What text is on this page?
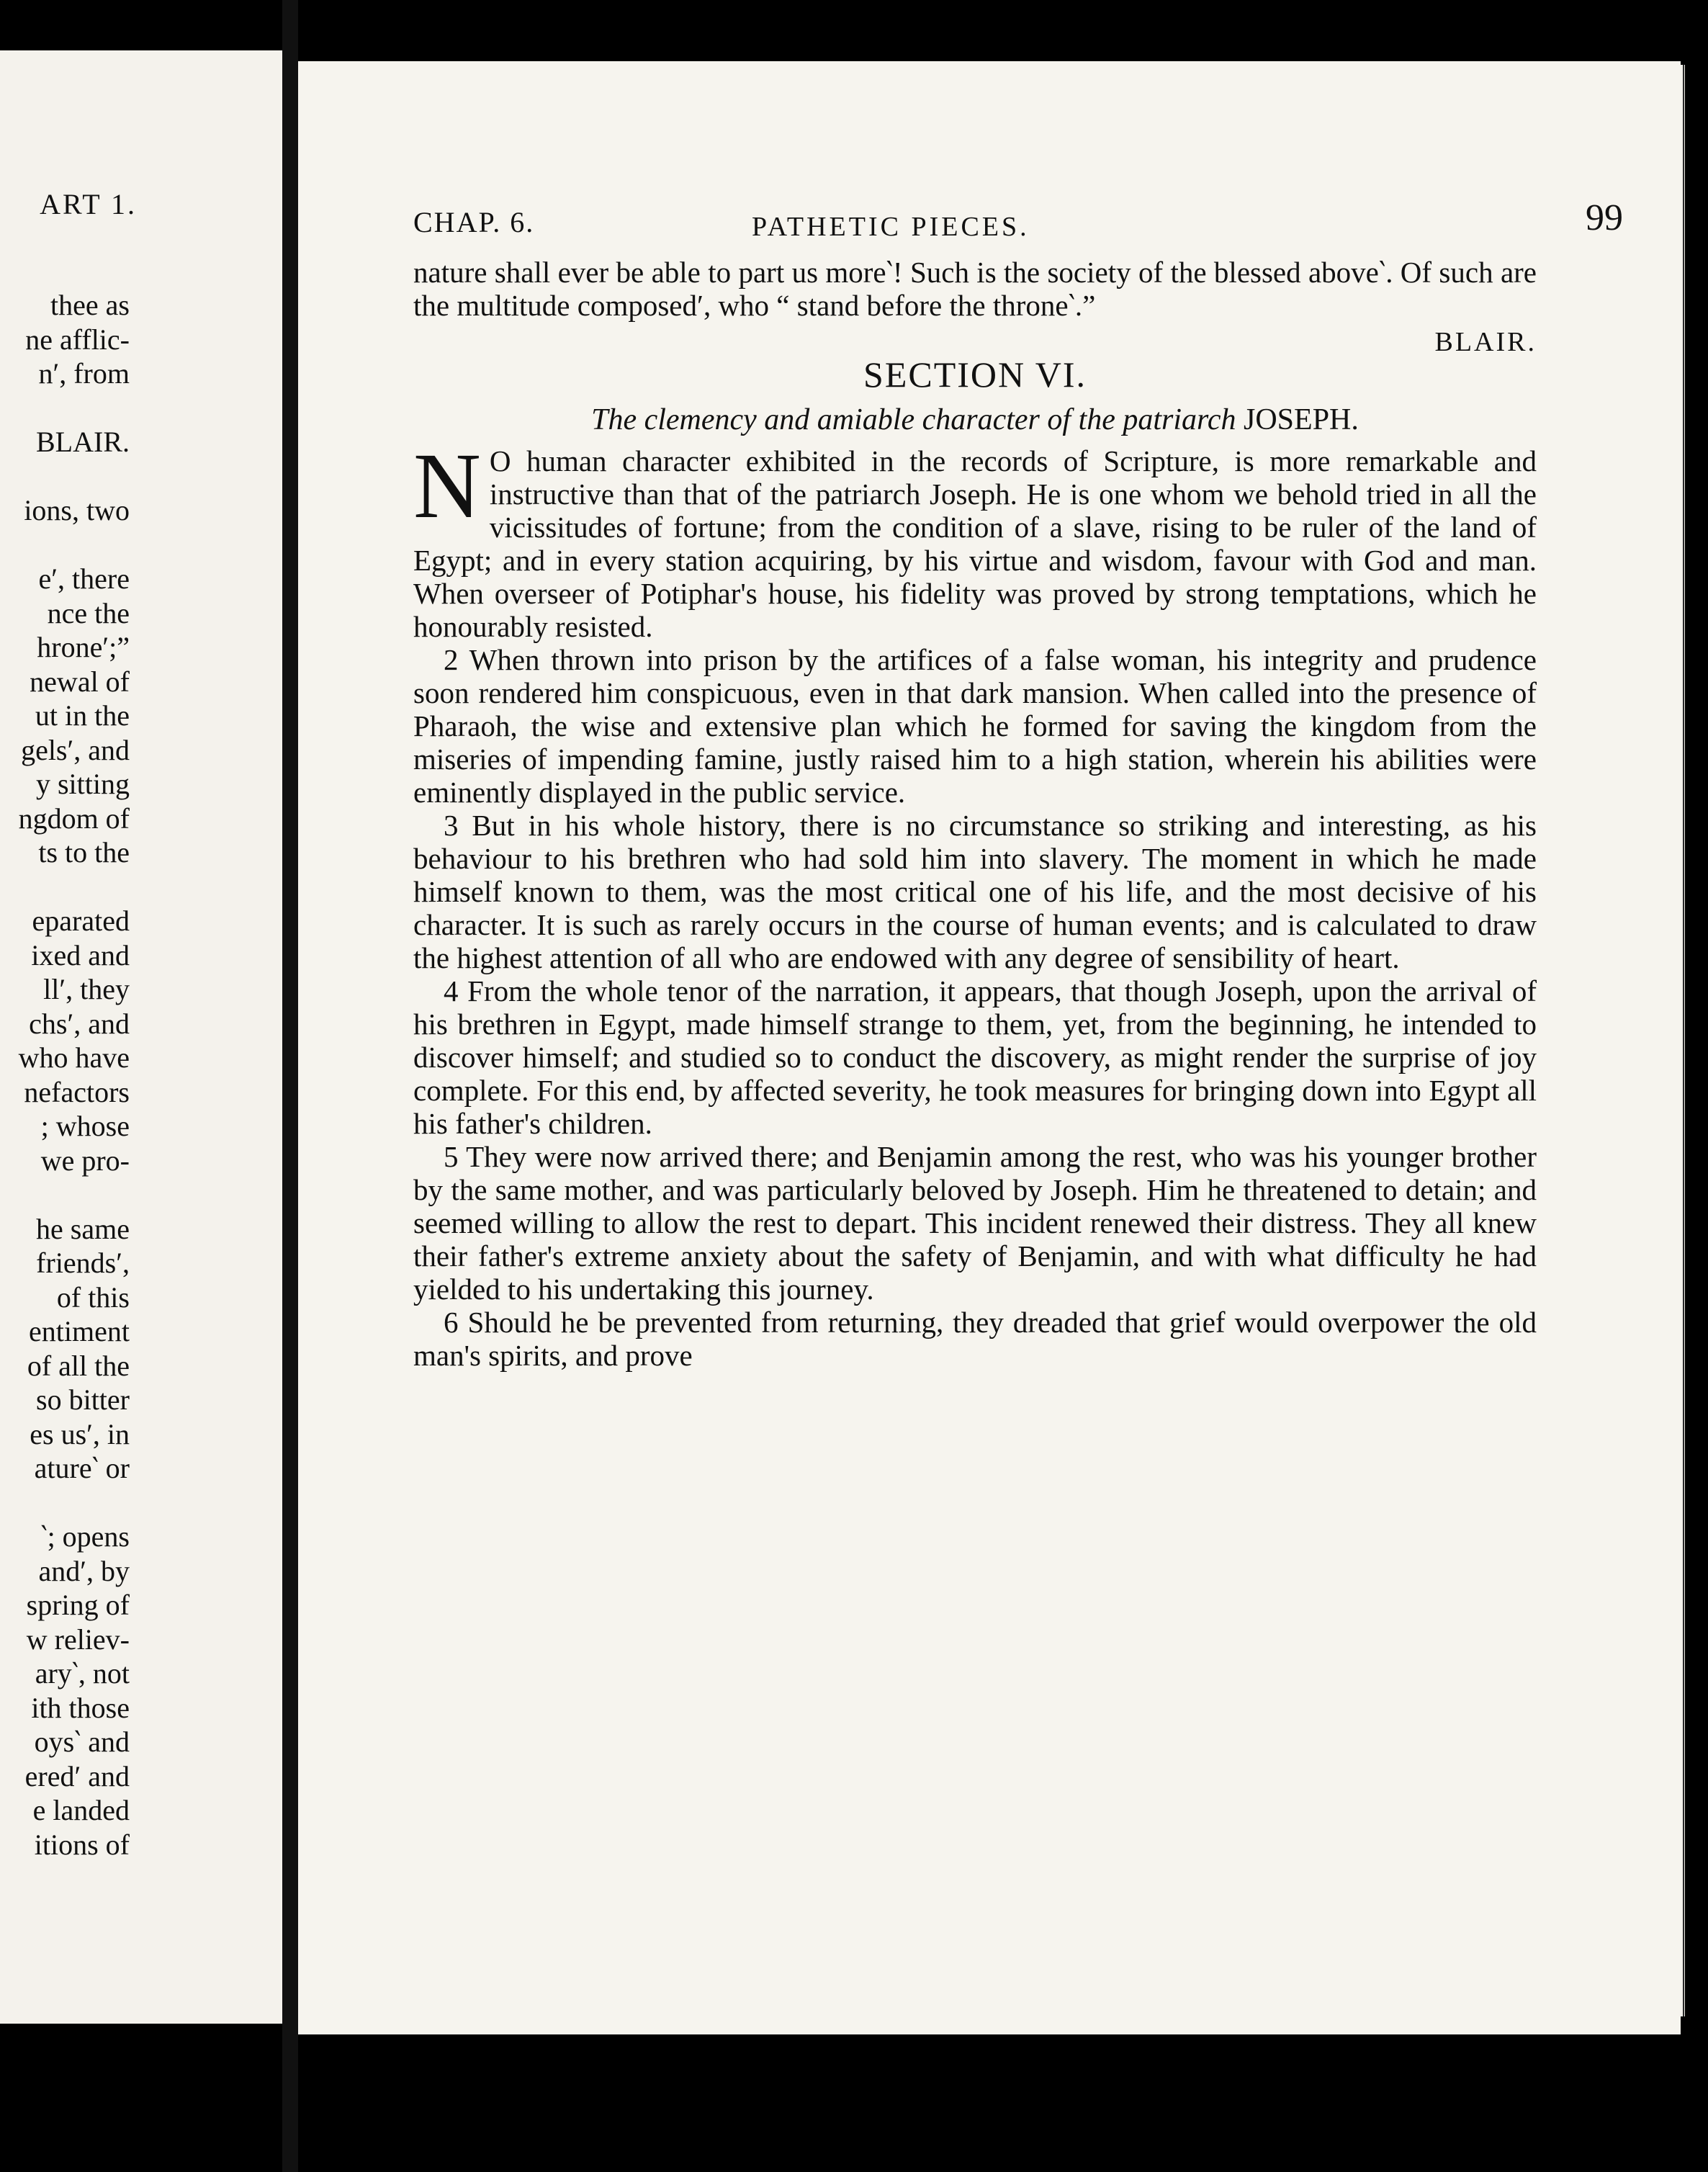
ART 1.
thee as
ne afflic-
n′, from
BLAIR.
ions, two
e′, there
nce the
hrone′;”
newal of
ut in the
gels′, and
y sitting
ngdom of
ts to the
eparated
ixed and
ll′, they
chs′, and
who have
nefactors
; whose
we pro-
he same
friends′,
of this
entiment
of all the
so bitter
es us′, in
ature‵ or
‵; opens
and′, by
spring of
w reliev-
ary‵, not
ith those
oys‵ and
ered′ and
e landed
itions of
CHAP. 6.	PATHETIC PIECES.	99

nature shall ever be able to part us more‵! Such is the society of the blessed above‵. Of such are the multitude composed′, who “ stand before the throne‵.”

BLAIR.

SECTION VI.

The clemency and amiable character of the patriarch JOSEPH.

N O human character exhibited in the records of Scripture, is more remarkable and instructive than that of the patriarch Joseph. He is one whom we behold tried in all the vicissitudes of fortune; from the condition of a slave, rising to be ruler of the land of Egypt; and in every station acquiring, by his virtue and wisdom, favour with God and man. When overseer of Potiphar's house, his fidelity was proved by strong temptations, which he honourably resisted.

2 When thrown into prison by the artifices of a false woman, his integrity and prudence soon rendered him conspicuous, even in that dark mansion. When called into the presence of Pharaoh, the wise and extensive plan which he formed for saving the kingdom from the miseries of impending famine, justly raised him to a high station, wherein his abilities were eminently displayed in the public service.

3 But in his whole history, there is no circumstance so striking and interesting, as his behaviour to his brethren who had sold him into slavery. The moment in which he made himself known to them, was the most critical one of his life, and the most decisive of his character. It is such as rarely occurs in the course of human events; and is calculated to draw the highest attention of all who are endowed with any degree of sensibility of heart.

4 From the whole tenor of the narration, it appears, that though Joseph, upon the arrival of his brethren in Egypt, made himself strange to them, yet, from the beginning, he intended to discover himself; and studied so to conduct the discovery, as might render the surprise of joy complete. For this end, by affected severity, he took measures for bringing down into Egypt all his father's children.

5 They were now arrived there; and Benjamin among the rest, who was his younger brother by the same mother, and was particularly beloved by Joseph. Him he threatened to detain; and seemed willing to allow the rest to depart. This incident renewed their distress. They all knew their father's extreme anxiety about the safety of Benjamin, and with what difficulty he had yielded to his undertaking this journey.

6 Should he be prevented from returning, they dreaded that grief would overpower the old man's spirits, and prove
